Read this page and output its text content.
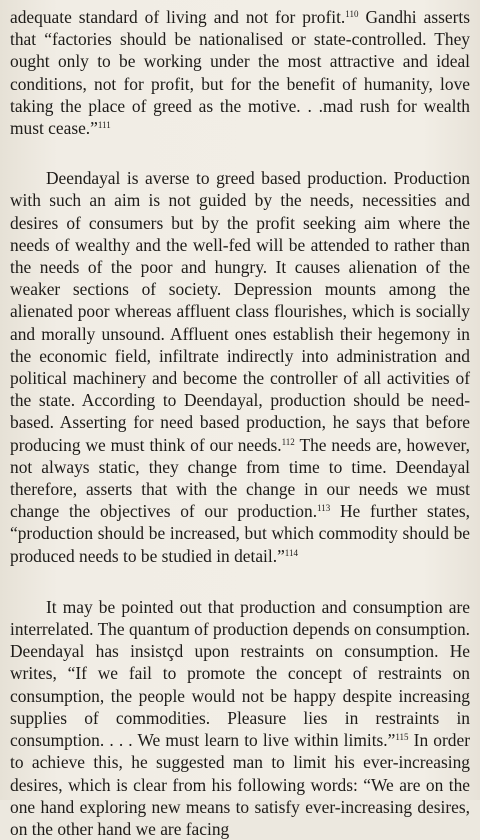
adequate standard of living and not for profit.$^{110}$ Gandhi asserts that “factories should be nationalised or state-controlled. They ought only to be working under the most attractive and ideal conditions, not for profit, but for the benefit of humanity, love taking the place of greed as the motive. . .mad rush for wealth must cease.”$^{111}$

Deendayal is averse to greed based production. Production with such an aim is not guided by the needs, necessities and desires of consumers but by the profit seeking aim where the needs of wealthy and the well-fed will be attended to rather than the needs of the poor and hungry. It causes alienation of the weaker sections of society. Depression mounts among the alienated poor whereas affluent class flourishes, which is socially and morally unsound. Affluent ones establish their hegemony in the economic field, infiltrate indirectly into administration and political machinery and become the controller of all activities of the state. According to Deendayal, production should be need-based. Asserting for need based production, he says that before producing we must think of our needs.$^{112}$ The needs are, however, not always static, they change from time to time. Deendayal therefore, asserts that with the change in our needs we must change the objectives of our production.$^{113}$ He further states, “production should be increased, but which commodity should be produced needs to be studied in detail.”$^{114}$

It may be pointed out that production and consumption are interrelated. The quantum of production depends on consumption. Deendayal has insistçd upon restraints on consumption. He writes, “If we fail to promote the concept of restraints on consumption, the people would not be happy despite increasing supplies of commodities. Pleasure lies in restraints in consumption. . . . We must learn to live within limits.”$^{115}$ In order to achieve this, he suggested man to limit his ever-increasing desires, which is clear from his following words: “We are on the one hand exploring new means to satisfy ever-increasing desires, on the other hand we are facing
